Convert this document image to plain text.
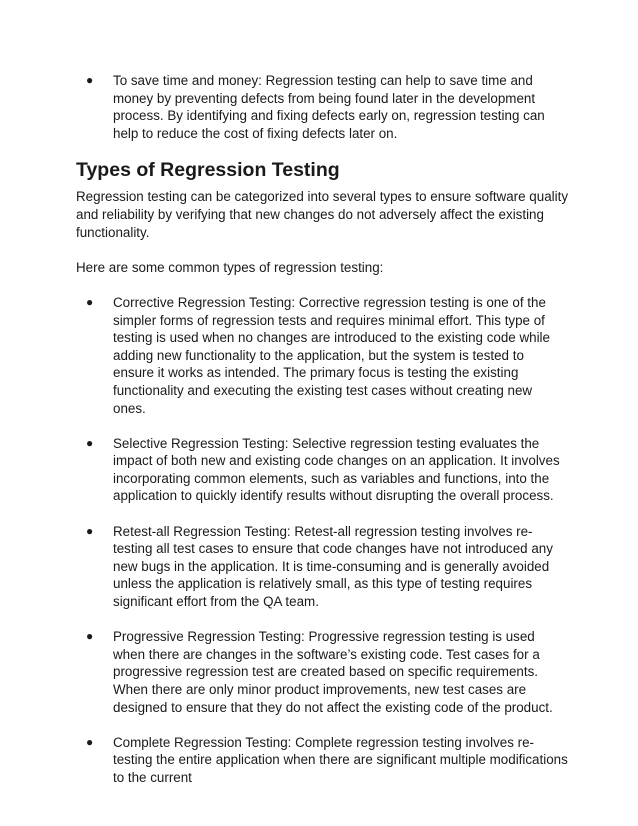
● To save time and money: Regression testing can help to save time and money by preventing defects from being found later in the development process. By identifying and fixing defects early on, regression testing can help to reduce the cost of fixing defects later on.
Types of Regression Testing

Regression testing can be categorized into several types to ensure software quality and reliability by verifying that new changes do not adversely affect the existing functionality.

Here are some common types of regression testing:

● Corrective Regression Testing: Corrective regression testing is one of the simpler forms of regression tests and requires minimal effort. This type of testing is used when no changes are introduced to the existing code while adding new functionality to the application, but the system is tested to ensure it works as intended. The primary focus is testing the existing functionality and executing the existing test cases without creating new ones.
● Selective Regression Testing: Selective regression testing evaluates the impact of both new and existing code changes on an application. It involves incorporating common elements, such as variables and functions, into the application to quickly identify results without disrupting the overall process.
● Retest-all Regression Testing: Retest-all regression testing involves re-testing all test cases to ensure that code changes have not introduced any new bugs in the application. It is time-consuming and is generally avoided unless the application is relatively small, as this type of testing requires significant effort from the QA team.
● Progressive Regression Testing: Progressive regression testing is used when there are changes in the software’s existing code. Test cases for a progressive regression test are created based on specific requirements. When there are only minor product improvements, new test cases are designed to ensure that they do not affect the existing code of the product.
● Complete Regression Testing: Complete regression testing involves re-testing the entire application when there are significant multiple modifications to the current
